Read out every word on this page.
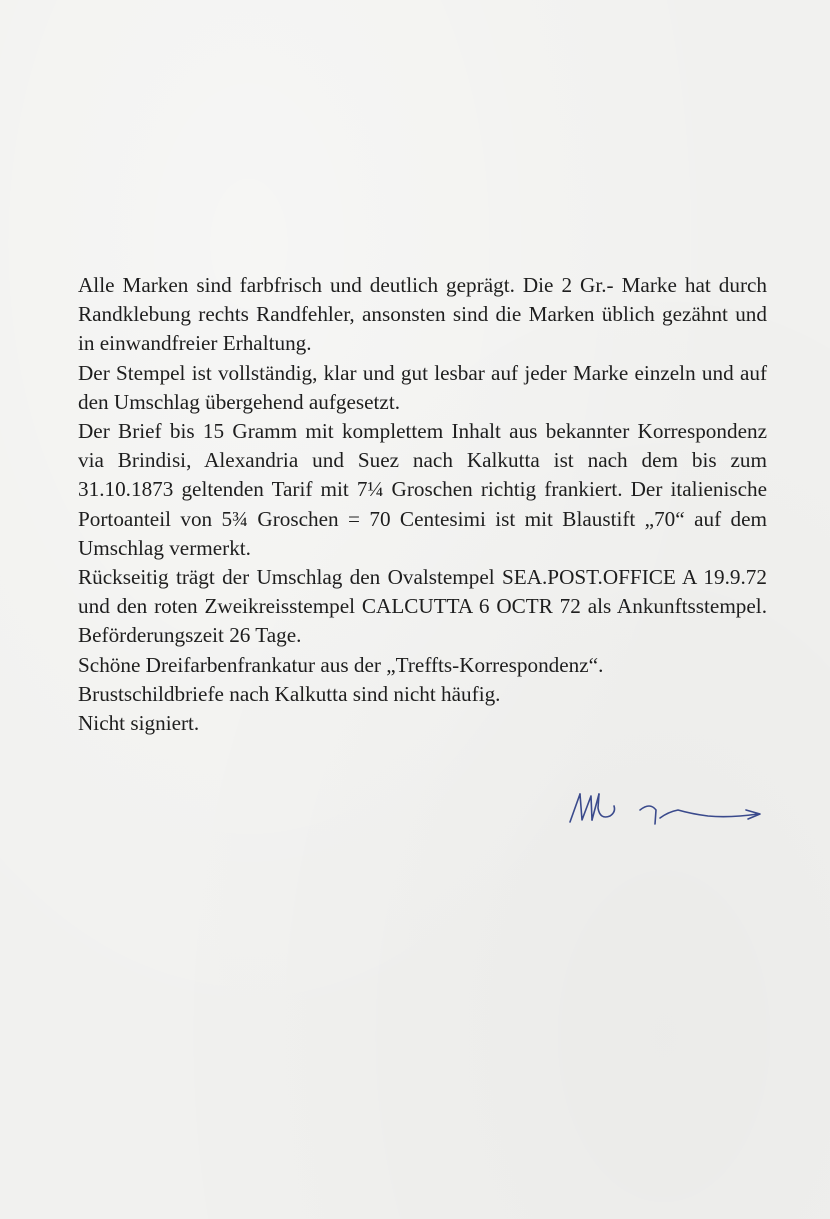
Alle Marken sind farbfrisch und deutlich geprägt. Die 2 Gr.- Marke hat durch Randklebung rechts Randfehler, ansonsten sind die Marken üblich gezähnt und in einwandfreier Erhaltung.

Der Stempel ist vollständig, klar und gut lesbar auf jeder Marke einzeln und auf den Umschlag übergehend aufgesetzt.

Der Brief bis 15 Gramm mit komplettem Inhalt aus bekannter Korrespondenz via Brindisi, Alexandria und Suez nach Kalkutta ist nach dem bis zum 31.10.1873 geltenden Tarif mit 7¼ Groschen richtig frankiert. Der italienische Portoanteil von 5¾ Groschen = 70 Centesimi ist mit Blaustift „70“ auf dem Umschlag vermerkt.

Rückseitig trägt der Umschlag den Ovalstempel SEA.POST.OFFICE A 19.9.72 und den roten Zweikreisstempel CALCUTTA 6 OCTR 72 als Ankunftsstempel. Beförderungszeit 26 Tage.

Schöne Dreifarbenfrankatur aus der „Treffts-Korrespondenz“.

Brustschildbriefe nach Kalkutta sind nicht häufig.

Nicht signiert.
